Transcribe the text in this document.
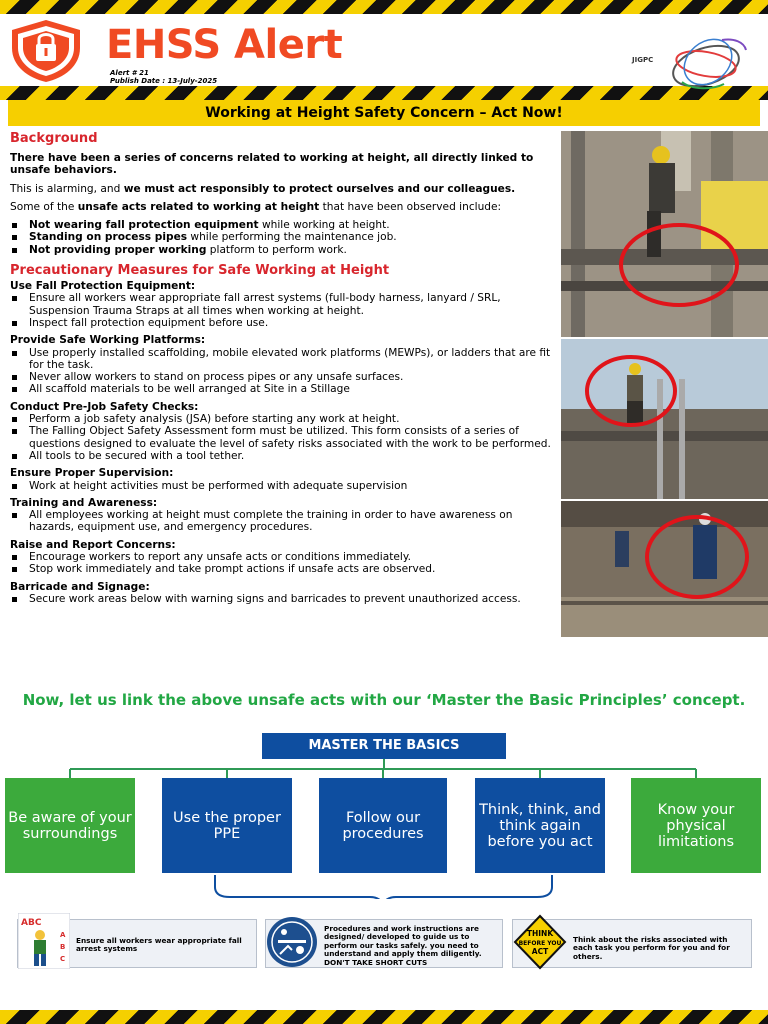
EHSS Alert
Alert # 21
Publish Date : 13-July-2025
JIGPC
Working at Height Safety Concern – Act Now!
Background

There have been a series of concerns related to working at height, all directly linked to unsafe behaviors.

This is alarming, and we must act responsibly to protect ourselves and our colleagues.

Some of the unsafe acts related to working at height that have been observed include:

Not wearing fall protection equipment while working at height.
Standing on process pipes while performing the maintenance job.
Not providing proper working platform to perform work.
Precautionary Measures for Safe Working at Height
Use Fall Protection Equipment:
Ensure all workers wear appropriate fall arrest systems (full-body harness, lanyard / SRL, Suspension Trauma Straps at all times when working at height.
Inspect fall protection equipment before use.
Provide Safe Working Platforms:
Use properly installed scaffolding, mobile elevated work platforms (MEWPs), or ladders that are fit for the task.
Never allow workers to stand on process pipes or any unsafe surfaces.
All scaffold materials to be well arranged at Site in a Stillage
Conduct Pre-Job Safety Checks:
Perform a job safety analysis (JSA) before starting any work at height.
The Falling Object Safety Assessment form must be utilized. This form consists of a series of questions designed to evaluate the level of safety risks associated with the work to be performed.
All tools to be secured with a tool tether.
Ensure Proper Supervision:
Work at height activities must be performed with adequate supervision
Training and Awareness:
All employees working at height must complete the training in order to have awareness on hazards, equipment use, and emergency procedures.
Raise and Report Concerns:
Encourage workers to report any unsafe acts or conditions immediately.
Stop work immediately and take prompt actions if unsafe acts are observed.
Barricade and Signage:
Secure work areas below with warning signs and barricades to prevent unauthorized access.
Now, let us link the above unsafe acts with our ‘Master the Basic Principles’ concept.
MASTER THE BASICS
Be aware of your surroundings
Use the proper PPE
Follow our procedures
Think, think, and think again before you act
Know your physical limitations
ABC
A
B
C
Ensure all workers wear appropriate fall arrest systems
Procedures and work instructions are designed/ developed to guide us to perform our tasks safely. you need to understand and apply them diligently.
DON'T TAKE SHORT CUTS
THINK
BEFORE YOU
ACT
Think about the risks associated with each task you perform for you and for others.
